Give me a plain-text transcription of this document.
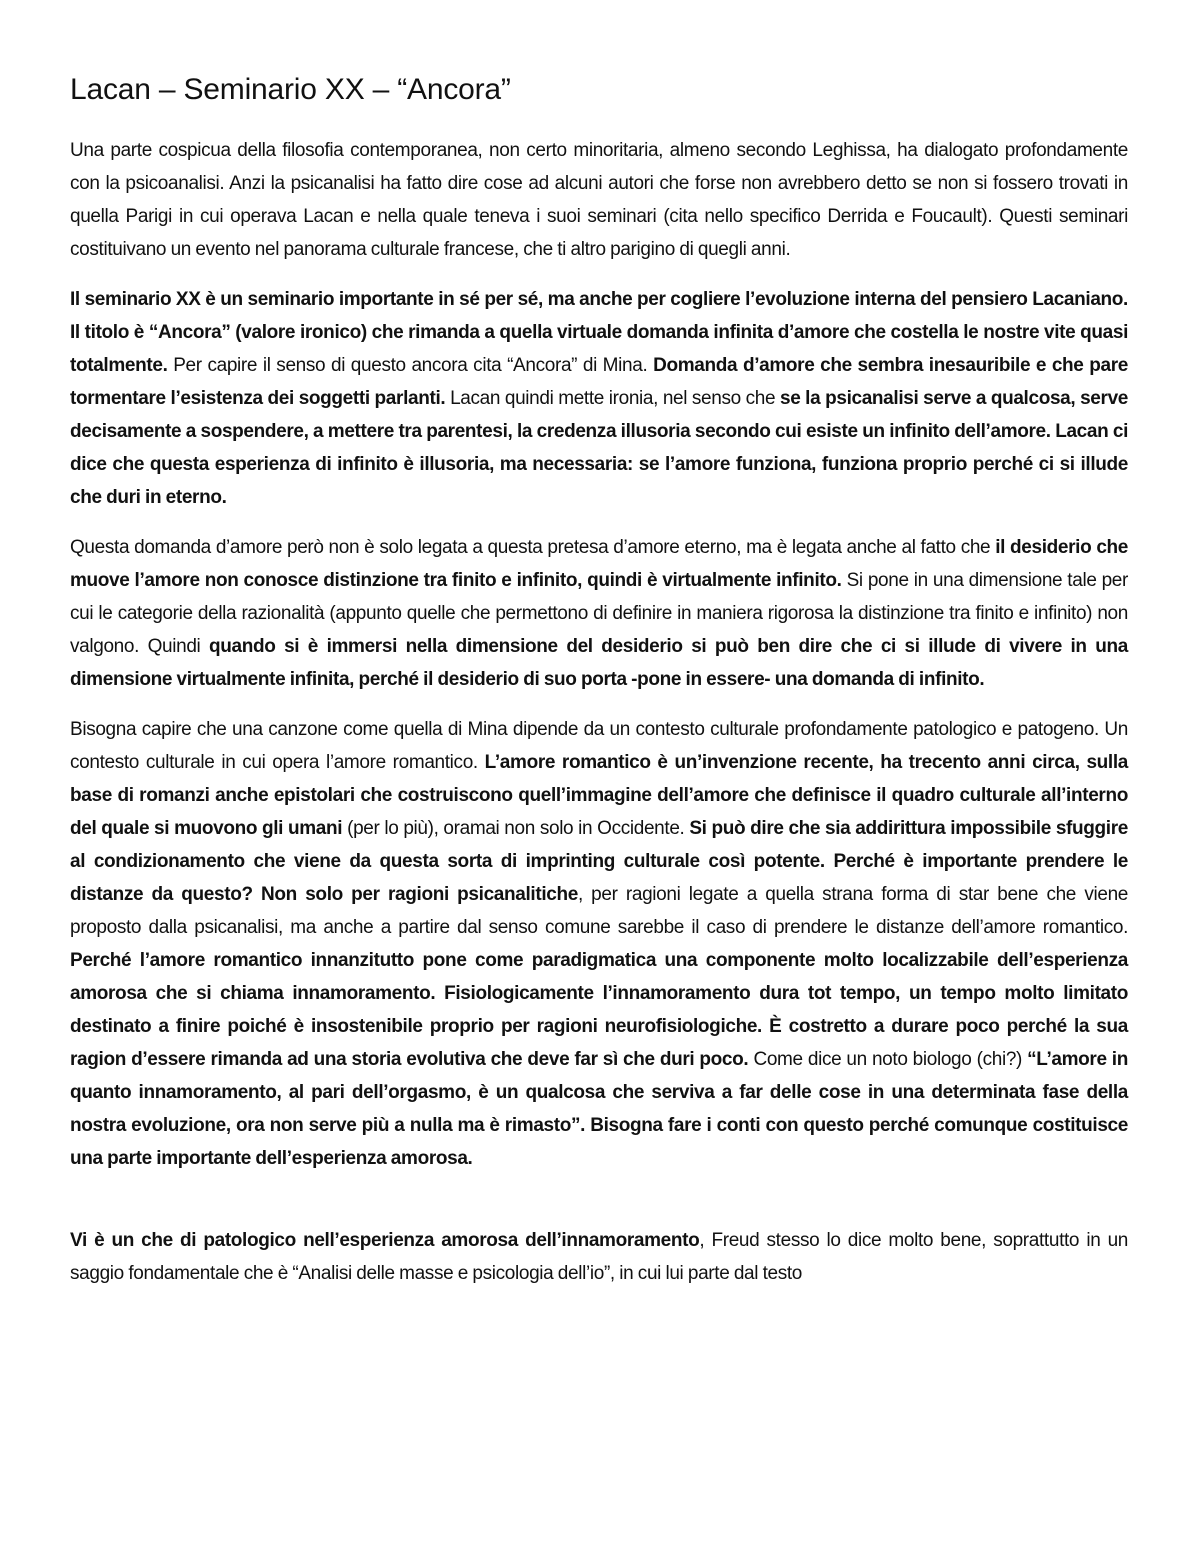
Lacan – Seminario XX – “Ancora”

Una parte cospicua della filosofia contemporanea, non certo minoritaria, almeno secondo Leghissa, ha dialogato profondamente con la psicoanalisi. Anzi la psicanalisi ha fatto dire cose ad alcuni autori che forse non avrebbero detto se non si fossero trovati in quella Parigi in cui operava Lacan e nella quale teneva i suoi seminari (cita nello specifico Derrida e Foucault). Questi seminari costituivano un evento nel panorama culturale francese, che ti altro parigino di quegli anni.

Il seminario XX è un seminario importante in sé per sé, ma anche per cogliere l’evoluzione interna del pensiero Lacaniano. Il titolo è “Ancora” (valore ironico) che rimanda a quella virtuale domanda infinita d’amore che costella le nostre vite quasi totalmente. Per capire il senso di questo ancora cita “Ancora” di Mina. Domanda d’amore che sembra inesauribile e che pare tormentare l’esistenza dei soggetti parlanti. Lacan quindi mette ironia, nel senso che se la psicanalisi serve a qualcosa, serve decisamente a sospendere, a mettere tra parentesi, la credenza illusoria secondo cui esiste un infinito dell’amore. Lacan ci dice che questa esperienza di infinito è illusoria, ma necessaria: se l’amore funziona, funziona proprio perché ci si illude che duri in eterno.

Questa domanda d’amore però non è solo legata a questa pretesa d’amore eterno, ma è legata anche al fatto che il desiderio che muove l’amore non conosce distinzione tra finito e infinito, quindi è virtualmente infinito. Si pone in una dimensione tale per cui le categorie della razionalità (appunto quelle che permettono di definire in maniera rigorosa la distinzione tra finito e infinito) non valgono. Quindi quando si è immersi nella dimensione del desiderio si può ben dire che ci si illude di vivere in una dimensione virtualmente infinita, perché il desiderio di suo porta -pone in essere- una domanda di infinito.

Bisogna capire che una canzone come quella di Mina dipende da un contesto culturale profondamente patologico e patogeno. Un contesto culturale in cui opera l’amore romantico. L’amore romantico è un’invenzione recente, ha trecento anni circa, sulla base di romanzi anche epistolari che costruiscono quell’immagine dell’amore che definisce il quadro culturale all’interno del quale si muovono gli umani (per lo più), oramai non solo in Occidente. Si può dire che sia addirittura impossibile sfuggire al condizionamento che viene da questa sorta di imprinting culturale così potente. Perché è importante prendere le distanze da questo? Non solo per ragioni psicanalitiche, per ragioni legate a quella strana forma di star bene che viene proposto dalla psicanalisi, ma anche a partire dal senso comune sarebbe il caso di prendere le distanze dell’amore romantico. Perché l’amore romantico innanzitutto pone come paradigmatica una componente molto localizzabile dell’esperienza amorosa che si chiama innamoramento. Fisiologicamente l’innamoramento dura tot tempo, un tempo molto limitato destinato a finire poiché è insostenibile proprio per ragioni neurofisiologiche. È costretto a durare poco perché la sua ragion d’essere rimanda ad una storia evolutiva che deve far sì che duri poco. Come dice un noto biologo (chi?) “L’amore in quanto innamoramento, al pari dell’orgasmo, è un qualcosa che serviva a far delle cose in una determinata fase della nostra evoluzione, ora non serve più a nulla ma è rimasto”. Bisogna fare i conti con questo perché comunque costituisce una parte importante dell’esperienza amorosa.

Vi è un che di patologico nell’esperienza amorosa dell’innamoramento, Freud stesso lo dice molto bene, soprattutto in un saggio fondamentale che è “Analisi delle masse e psicologia dell’io”, in cui lui parte dal testo
